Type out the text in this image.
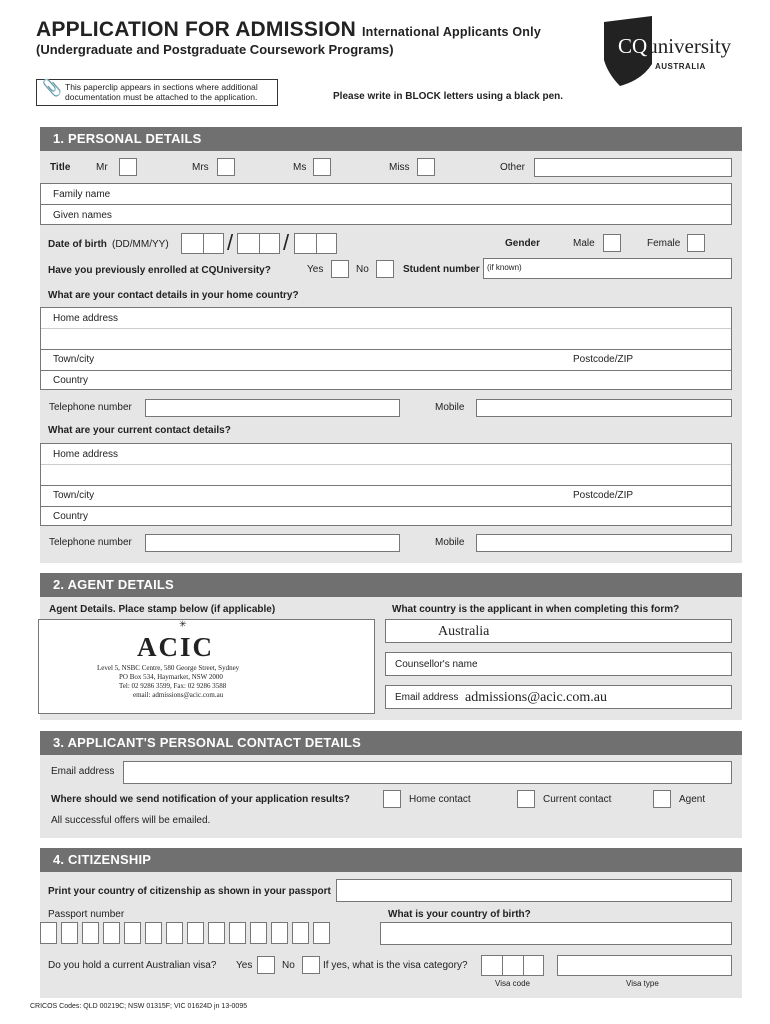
APPLICATION FOR ADMISSION International Applicants Only
(Undergraduate and Postgraduate Coursework Programs)
📎 This paperclip appears in sections where additional
documentation must be attached to the application.	Please write in BLOCK letters using a black pen.
CQuniversity
AUSTRALIA
1. PERSONAL DETAILS
Title	Mr	Mrs	Ms	Miss	Other
Family name
Given names
Date of birth (DD/MM/YY)	/ /	Gender	Male	Female
Have you previously enrolled at CQUniversity?	Yes	No	Student number (if known)
What are your contact details in your home country?
Home address
Town/city	Postcode/ZIP
Country
Telephone number	Mobile
What are your current contact details?
Home address
Town/city	Postcode/ZIP
Country
Telephone number	Mobile
2. AGENT DETAILS
Agent Details. Place stamp below (if applicable)	What country is the applicant in when completing this form?
✳
ACIC
Level 5, NSBC Centre, 580 George Street, Sydney
PO Box 534, Haymarket, NSW 2000
Tel: 02 9286 3599, Fax: 02 9286 3588
email: admissions@acic.com.au
Australia
Counsellor's name
Email address admissions@acic.com.au
3. APPLICANT'S PERSONAL CONTACT DETAILS
Email address
Where should we send notification of your application results?	Home contact	Current contact	Agent
All successful offers will be emailed.
4. CITIZENSHIP
Print your country of citizenship as shown in your passport
Passport number	What is your country of birth?
Do you hold a current Australian visa? Yes	No	If yes, what is the visa category?
Visa code	Visa type
CRICOS Codes: QLD 00219C; NSW 01315F; VIC 01624D jn 13-0095
